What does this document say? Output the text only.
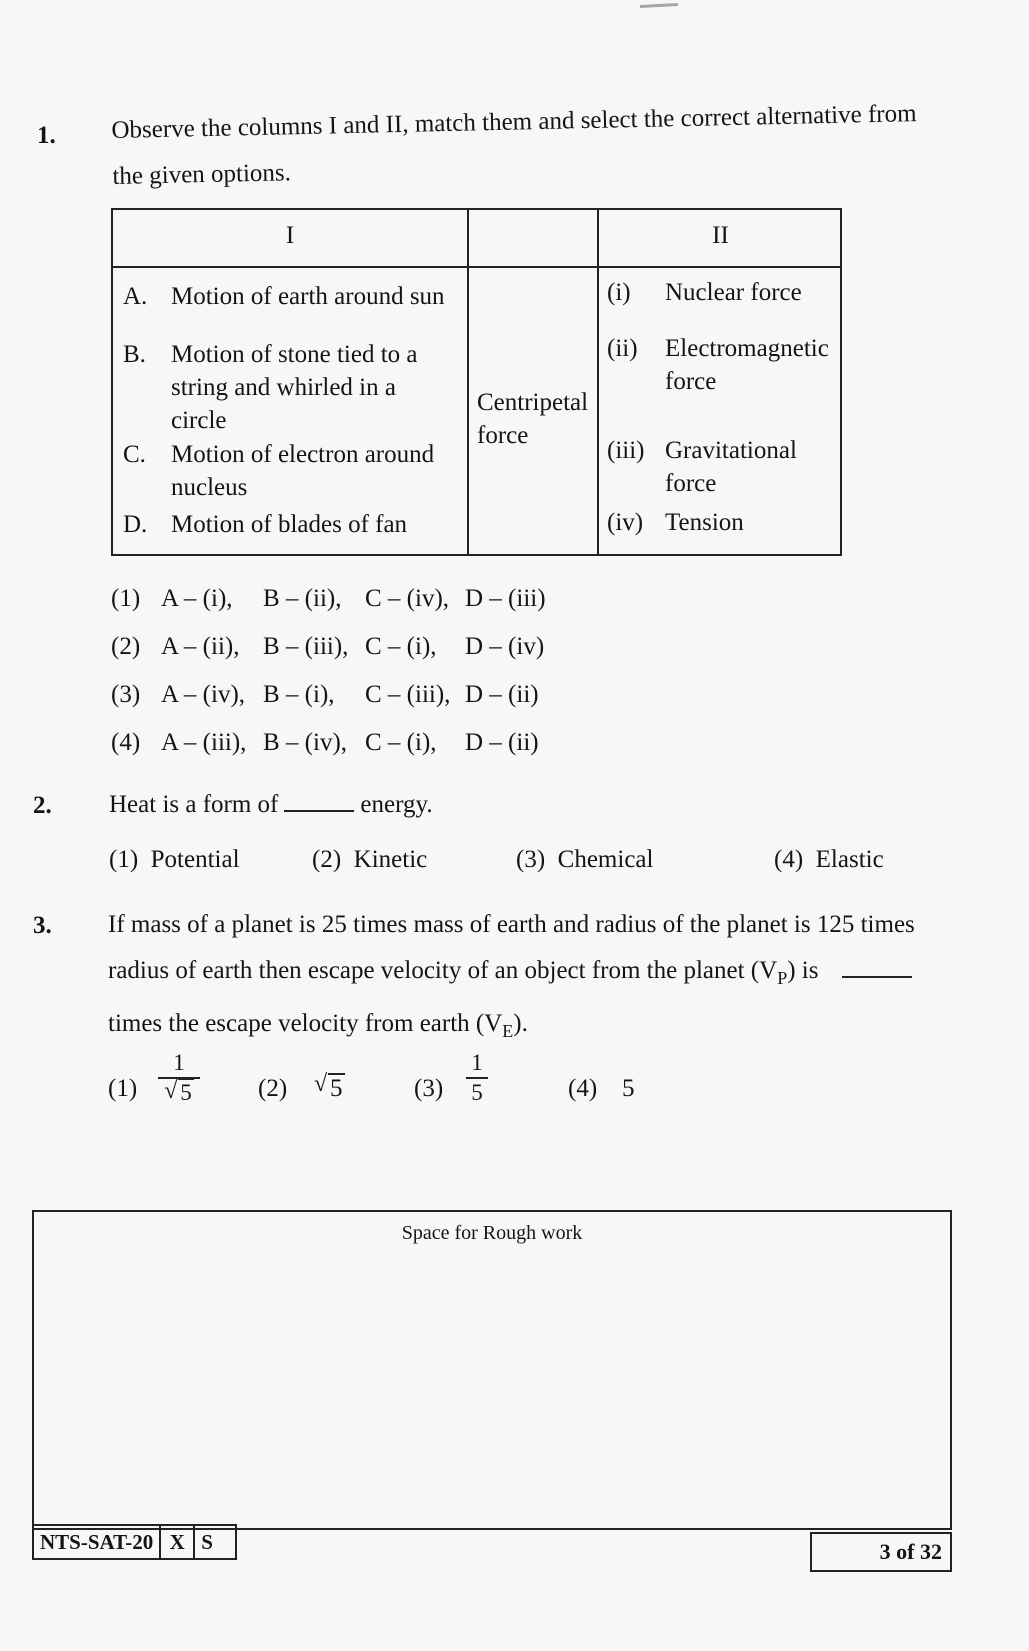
1. Observe the columns I and II, match them and select the correct alternative from
the given options.
I	II
A. Motion of earth around sun
B. Motion of stone tied to a string and whirled in a circle
C. Motion of electron around nucleus
D. Motion of blades of fan
Centripetal force
(i) Nuclear force
(ii) Electromagnetic force
(iii) Gravitational force
(iv) Tension
(1) A – (i), B – (ii), C – (iv), D – (iii)
(2) A – (ii), B – (iii), C – (i), D – (iv)
(3) A – (iv), B – (i), C – (iii), D – (ii)
(4) A – (iii), B – (iv), C – (i), D – (ii)
2. Heat is a form of	energy.
(1) Potential	(2) Kinetic	(3) Chemical	(4) Elastic
3. If mass of a planet is 25 times mass of earth and radius of the planet is 125 times
radius of earth then escape velocity of an object from the planet $(V_P)$ is
times the escape velocity from earth $(V_E)$.
(1)
1
√ 5	(2) √ 5	(3)
1
5	(4) 5
Space for Rough work
NTS-SAT-20 X S	3 of 32
